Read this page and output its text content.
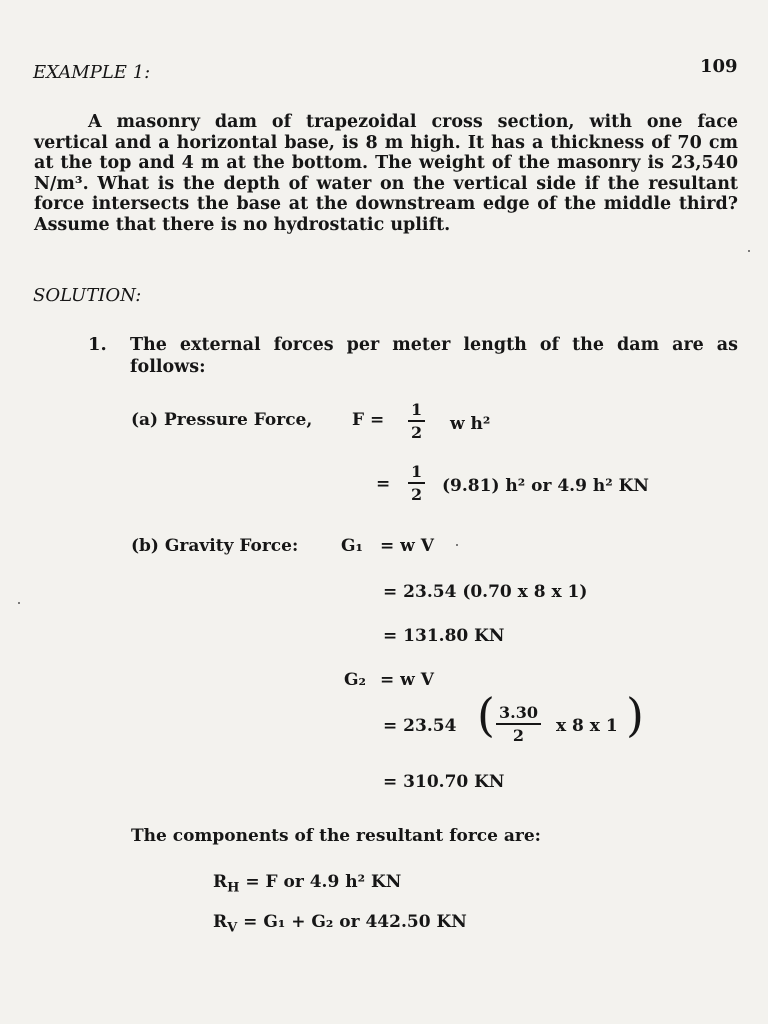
109
EXAMPLE 1:
A masonry dam of trapezoidal cross section, with one face vertical and a horizontal base, is 8 m high. It has a thickness of 70 cm at the top and 4 m at the bottom. The weight of the masonry is 23,540 N/m³. What is the depth of water on the vertical side if the resultant force intersects the base at the downstream edge of the middle third? Assume that there is no hydrostatic uplift.
SOLUTION:
1. The external forces per meter length of the dam are as follows:
(a) Pressure Force, F =
1
2 w h²
=
1
2 (9.81) h² or 4.9 h² KN
(b) Gravity Force:	G₁ = w V
= 23.54 (0.70 x 8 x 1)
= 131.80 KN
G₂ = w V
= 23.54 ( 3.30
2	x 8 x 1 )
= 310.70 KN
The components of the resultant force are:
$R_H = F$ or 4.9 h² KN
$R_V = G_1 + G_2$ or 442.50 KN
